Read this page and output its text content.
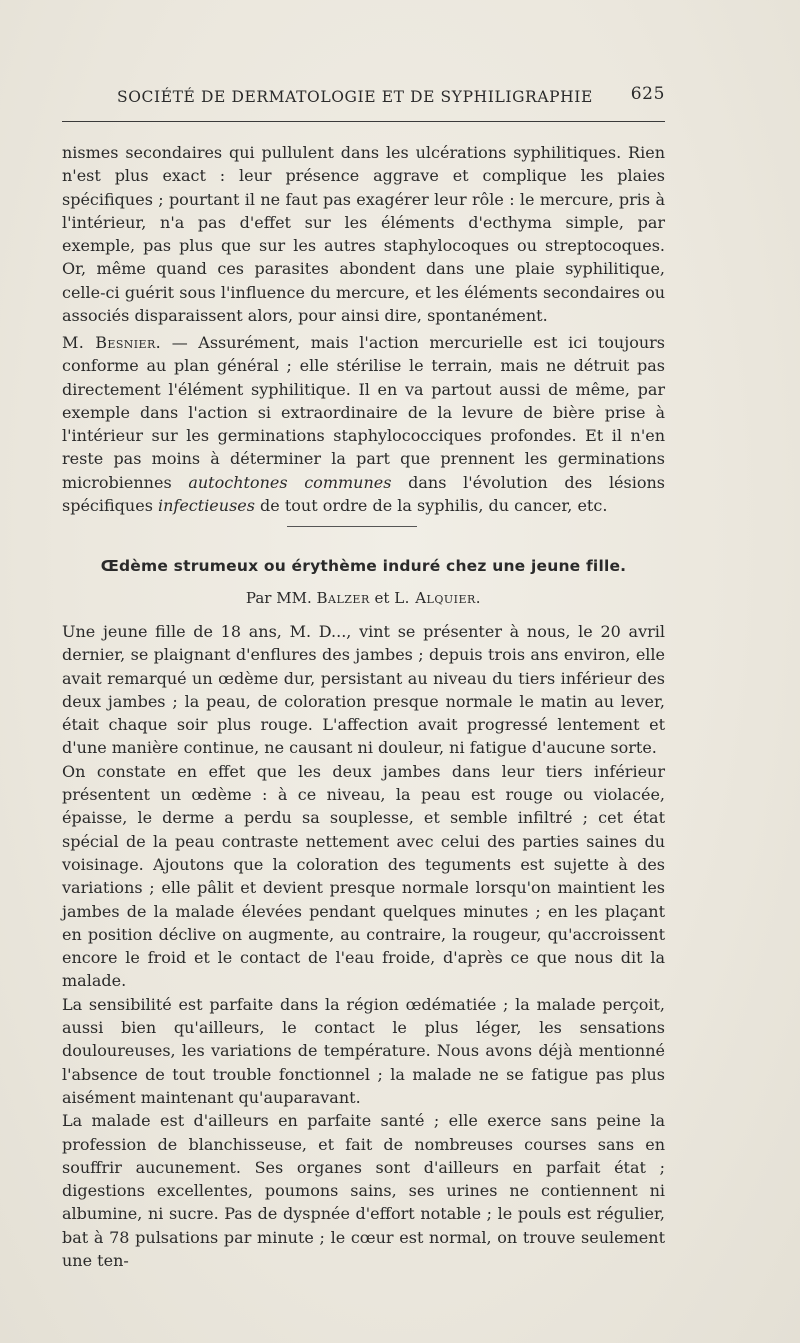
SOCIÉTÉ DE DERMATOLOGIE ET DE SYPHILIGRAPHIE 625

nismes secondaires qui pullulent dans les ulcérations syphilitiques. Rien n'est plus exact : leur présence aggrave et complique les plaies spécifiques ; pourtant il ne faut pas exagérer leur rôle : le mercure, pris à l'intérieur, n'a pas d'effet sur les éléments d'ecthyma simple, par exemple, pas plus que sur les autres staphylocoques ou streptocoques. Or, même quand ces parasites abondent dans une plaie syphilitique, celle-ci guérit sous l'influence du mercure, et les éléments secondaires ou associés disparaissent alors, pour ainsi dire, spontanément.

M. Besnier. — Assurément, mais l'action mercurielle est ici toujours conforme au plan général ; elle stérilise le terrain, mais ne détruit pas directement l'élément syphilitique. Il en va partout aussi de même, par exemple dans l'action si extraordinaire de la levure de bière prise à l'intérieur sur les germinations staphylococciques profondes. Et il n'en reste pas moins à déterminer la part que prennent les germinations microbiennes autochtones communes dans l'évolution des lésions spécifiques infectieuses de tout ordre de la syphilis, du cancer, etc.

Œdème strumeux ou érythème induré chez une jeune fille.
Par MM. Balzer et L. Alquier.

Une jeune fille de 18 ans, M. D..., vint se présenter à nous, le 20 avril dernier, se plaignant d'enflures des jambes ; depuis trois ans environ, elle avait remarqué un œdème dur, persistant au niveau du tiers inférieur des deux jambes ; la peau, de coloration presque normale le matin au lever, était chaque soir plus rouge. L'affection avait progressé lentement et d'une manière continue, ne causant ni douleur, ni fatigue d'aucune sorte.

On constate en effet que les deux jambes dans leur tiers inférieur présentent un œdème : à ce niveau, la peau est rouge ou violacée, épaisse, le derme a perdu sa souplesse, et semble infiltré ; cet état spécial de la peau contraste nettement avec celui des parties saines du voisinage. Ajoutons que la coloration des teguments est sujette à des variations ; elle pâlit et devient presque normale lorsqu'on maintient les jambes de la malade élevées pendant quelques minutes ; en les plaçant en position déclive on augmente, au contraire, la rougeur, qu'accroissent encore le froid et le contact de l'eau froide, d'après ce que nous dit la malade.

La sensibilité est parfaite dans la région œdématiée ; la malade perçoit, aussi bien qu'ailleurs, le contact le plus léger, les sensations douloureuses, les variations de température. Nous avons déjà mentionné l'absence de tout trouble fonctionnel ; la malade ne se fatigue pas plus aisément maintenant qu'auparavant.

La malade est d'ailleurs en parfaite santé ; elle exerce sans peine la profession de blanchisseuse, et fait de nombreuses courses sans en souffrir aucunement. Ses organes sont d'ailleurs en parfait état ; digestions excellentes, poumons sains, ses urines ne contiennent ni albumine, ni sucre. Pas de dyspnée d'effort notable ; le pouls est régulier, bat à 78 pulsations par minute ; le cœur est normal, on trouve seulement une ten-
